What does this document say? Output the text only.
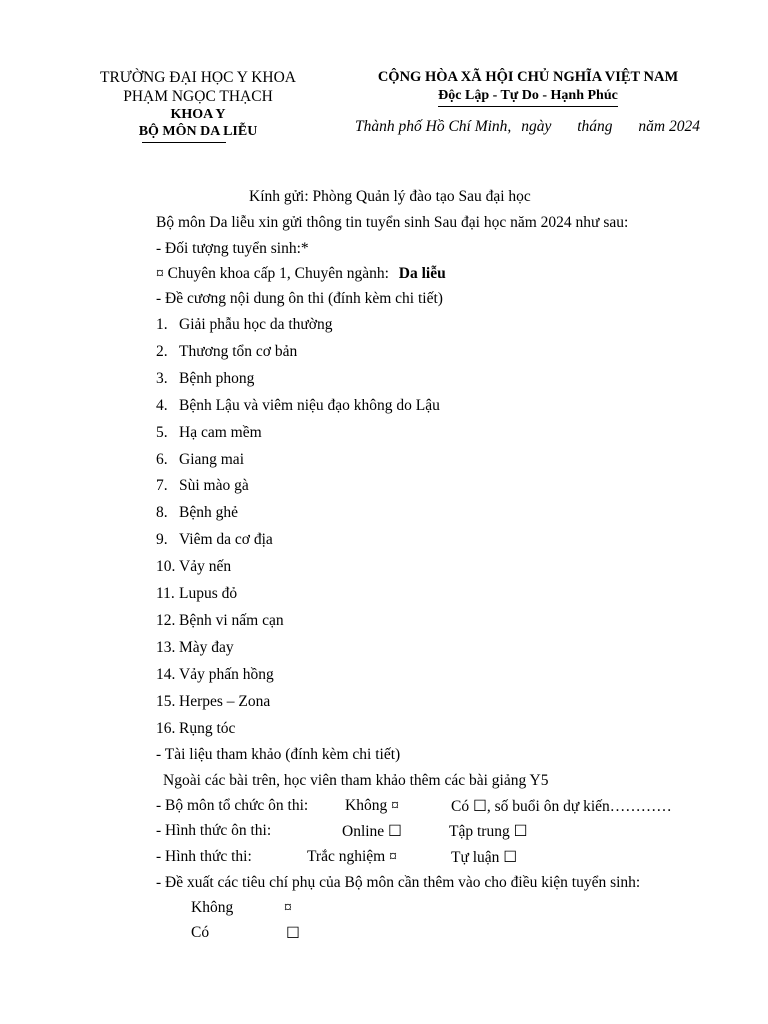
TRƯỜNG ĐẠI HỌC Y KHOA
PHẠM NGỌC THẠCH
KHOA Y
BỘ MÔN DA LIỄU
CỘNG HÒA XÃ HỘI CHỦ NGHĨA VIỆT NAM
Độc Lập - Tự Do - Hạnh Phúc
Thành phố Hồ Chí Minh, ngày tháng năm 2024
Kính gửi: Phòng Quản lý đào tạo Sau đại học
Bộ môn Da liễu xin gửi thông tin tuyển sinh Sau đại học năm 2024 như sau:
- Đối tượng tuyển sinh:*
¤ Chuyên khoa cấp 1, Chuyên ngành: Da liễu
- Đề cương nội dung ôn thi (đính kèm chi tiết)
1. Giải phẫu học da thường
2. Thương tổn cơ bản
3. Bệnh phong
4. Bệnh Lậu và viêm niệu đạo không do Lậu
5. Hạ cam mềm
6. Giang mai
7. Sùi mào gà
8. Bệnh ghẻ
9. Viêm da cơ địa
10. Vảy nến
11. Lupus đỏ
12. Bệnh vi nấm cạn
13. Mày đay
14. Vảy phấn hồng
15. Herpes – Zona
16. Rụng tóc
- Tài liệu tham khảo (đính kèm chi tiết)
Ngoài các bài trên, học viên tham khảo thêm các bài giảng Y5
- Bộ môn tổ chức ôn thi: Không ¤	Có ☐, số buổi ôn dự kiến…………
- Hình thức ôn thi:	Online ☐	Tập trung ☐
- Hình thức thi:	Trắc nghiệm ¤	Tự luận ☐
- Đề xuất các tiêu chí phụ của Bộ môn cần thêm vào cho điều kiện tuyển sinh:
Không	¤
Có	☐
